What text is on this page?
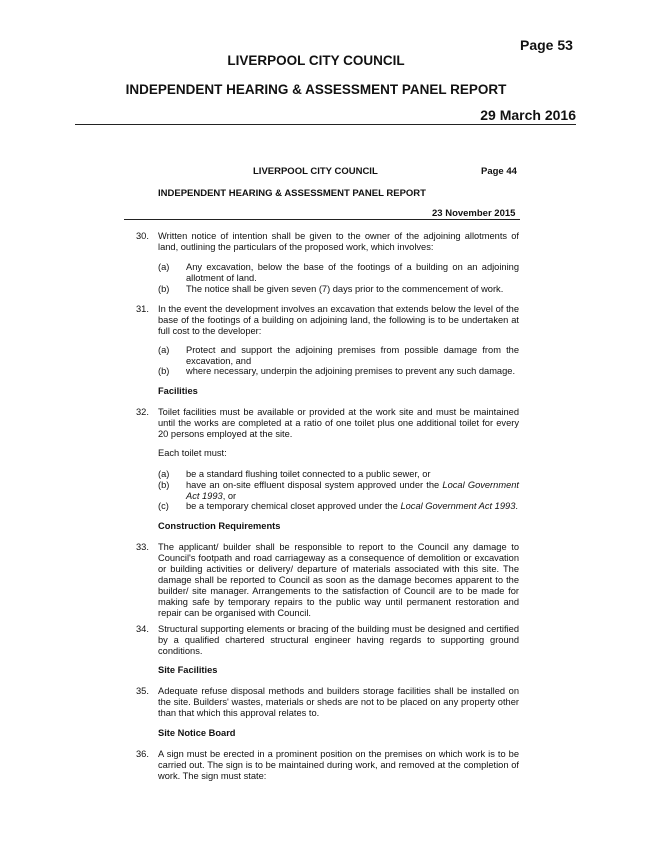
Page 53
LIVERPOOL CITY COUNCIL
INDEPENDENT HEARING & ASSESSMENT PANEL REPORT
29 March 2016
LIVERPOOL CITY COUNCIL	Page 44
INDEPENDENT HEARING & ASSESSMENT PANEL REPORT
23 November 2015
30. Written notice of intention shall be given to the owner of the adjoining allotments of land, outlining the particulars of the proposed work, which involves:

(a) Any excavation, below the base of the footings of a building on an adjoining allotment of land.

(b) The notice shall be given seven (7) days prior to the commencement of work.

31. In the event the development involves an excavation that extends below the level of the base of the footings of a building on adjoining land, the following is to be undertaken at full cost to the developer:

(a) Protect and support the adjoining premises from possible damage from the excavation, and

(b) where necessary, underpin the adjoining premises to prevent any such damage.

Facilities
32. Toilet facilities must be available or provided at the work site and must be maintained until the works are completed at a ratio of one toilet plus one additional toilet for every 20 persons employed at the site.

Each toilet must:
(a) be a standard flushing toilet connected to a public sewer, or

(b) have an on-site effluent disposal system approved under the Local Government Act 1993, or

(c) be a temporary chemical closet approved under the Local Government Act 1993.

Construction Requirements
33. The applicant/ builder shall be responsible to report to the Council any damage to Council's footpath and road carriageway as a consequence of demolition or excavation or building activities or delivery/ departure of materials associated with this site. The damage shall be reported to Council as soon as the damage becomes apparent to the builder/ site manager. Arrangements to the satisfaction of Council are to be made for making safe by temporary repairs to the public way until permanent restoration and repair can be organised with Council.

34. Structural supporting elements or bracing of the building must be designed and certified by a qualified chartered structural engineer having regards to supporting ground conditions.

Site Facilities
35. Adequate refuse disposal methods and builders storage facilities shall be installed on the site. Builders' wastes, materials or sheds are not to be placed on any property other than that which this approval relates to.

Site Notice Board
36. A sign must be erected in a prominent position on the premises on which work is to be carried out. The sign is to be maintained during work, and removed at the completion of work. The sign must state:
